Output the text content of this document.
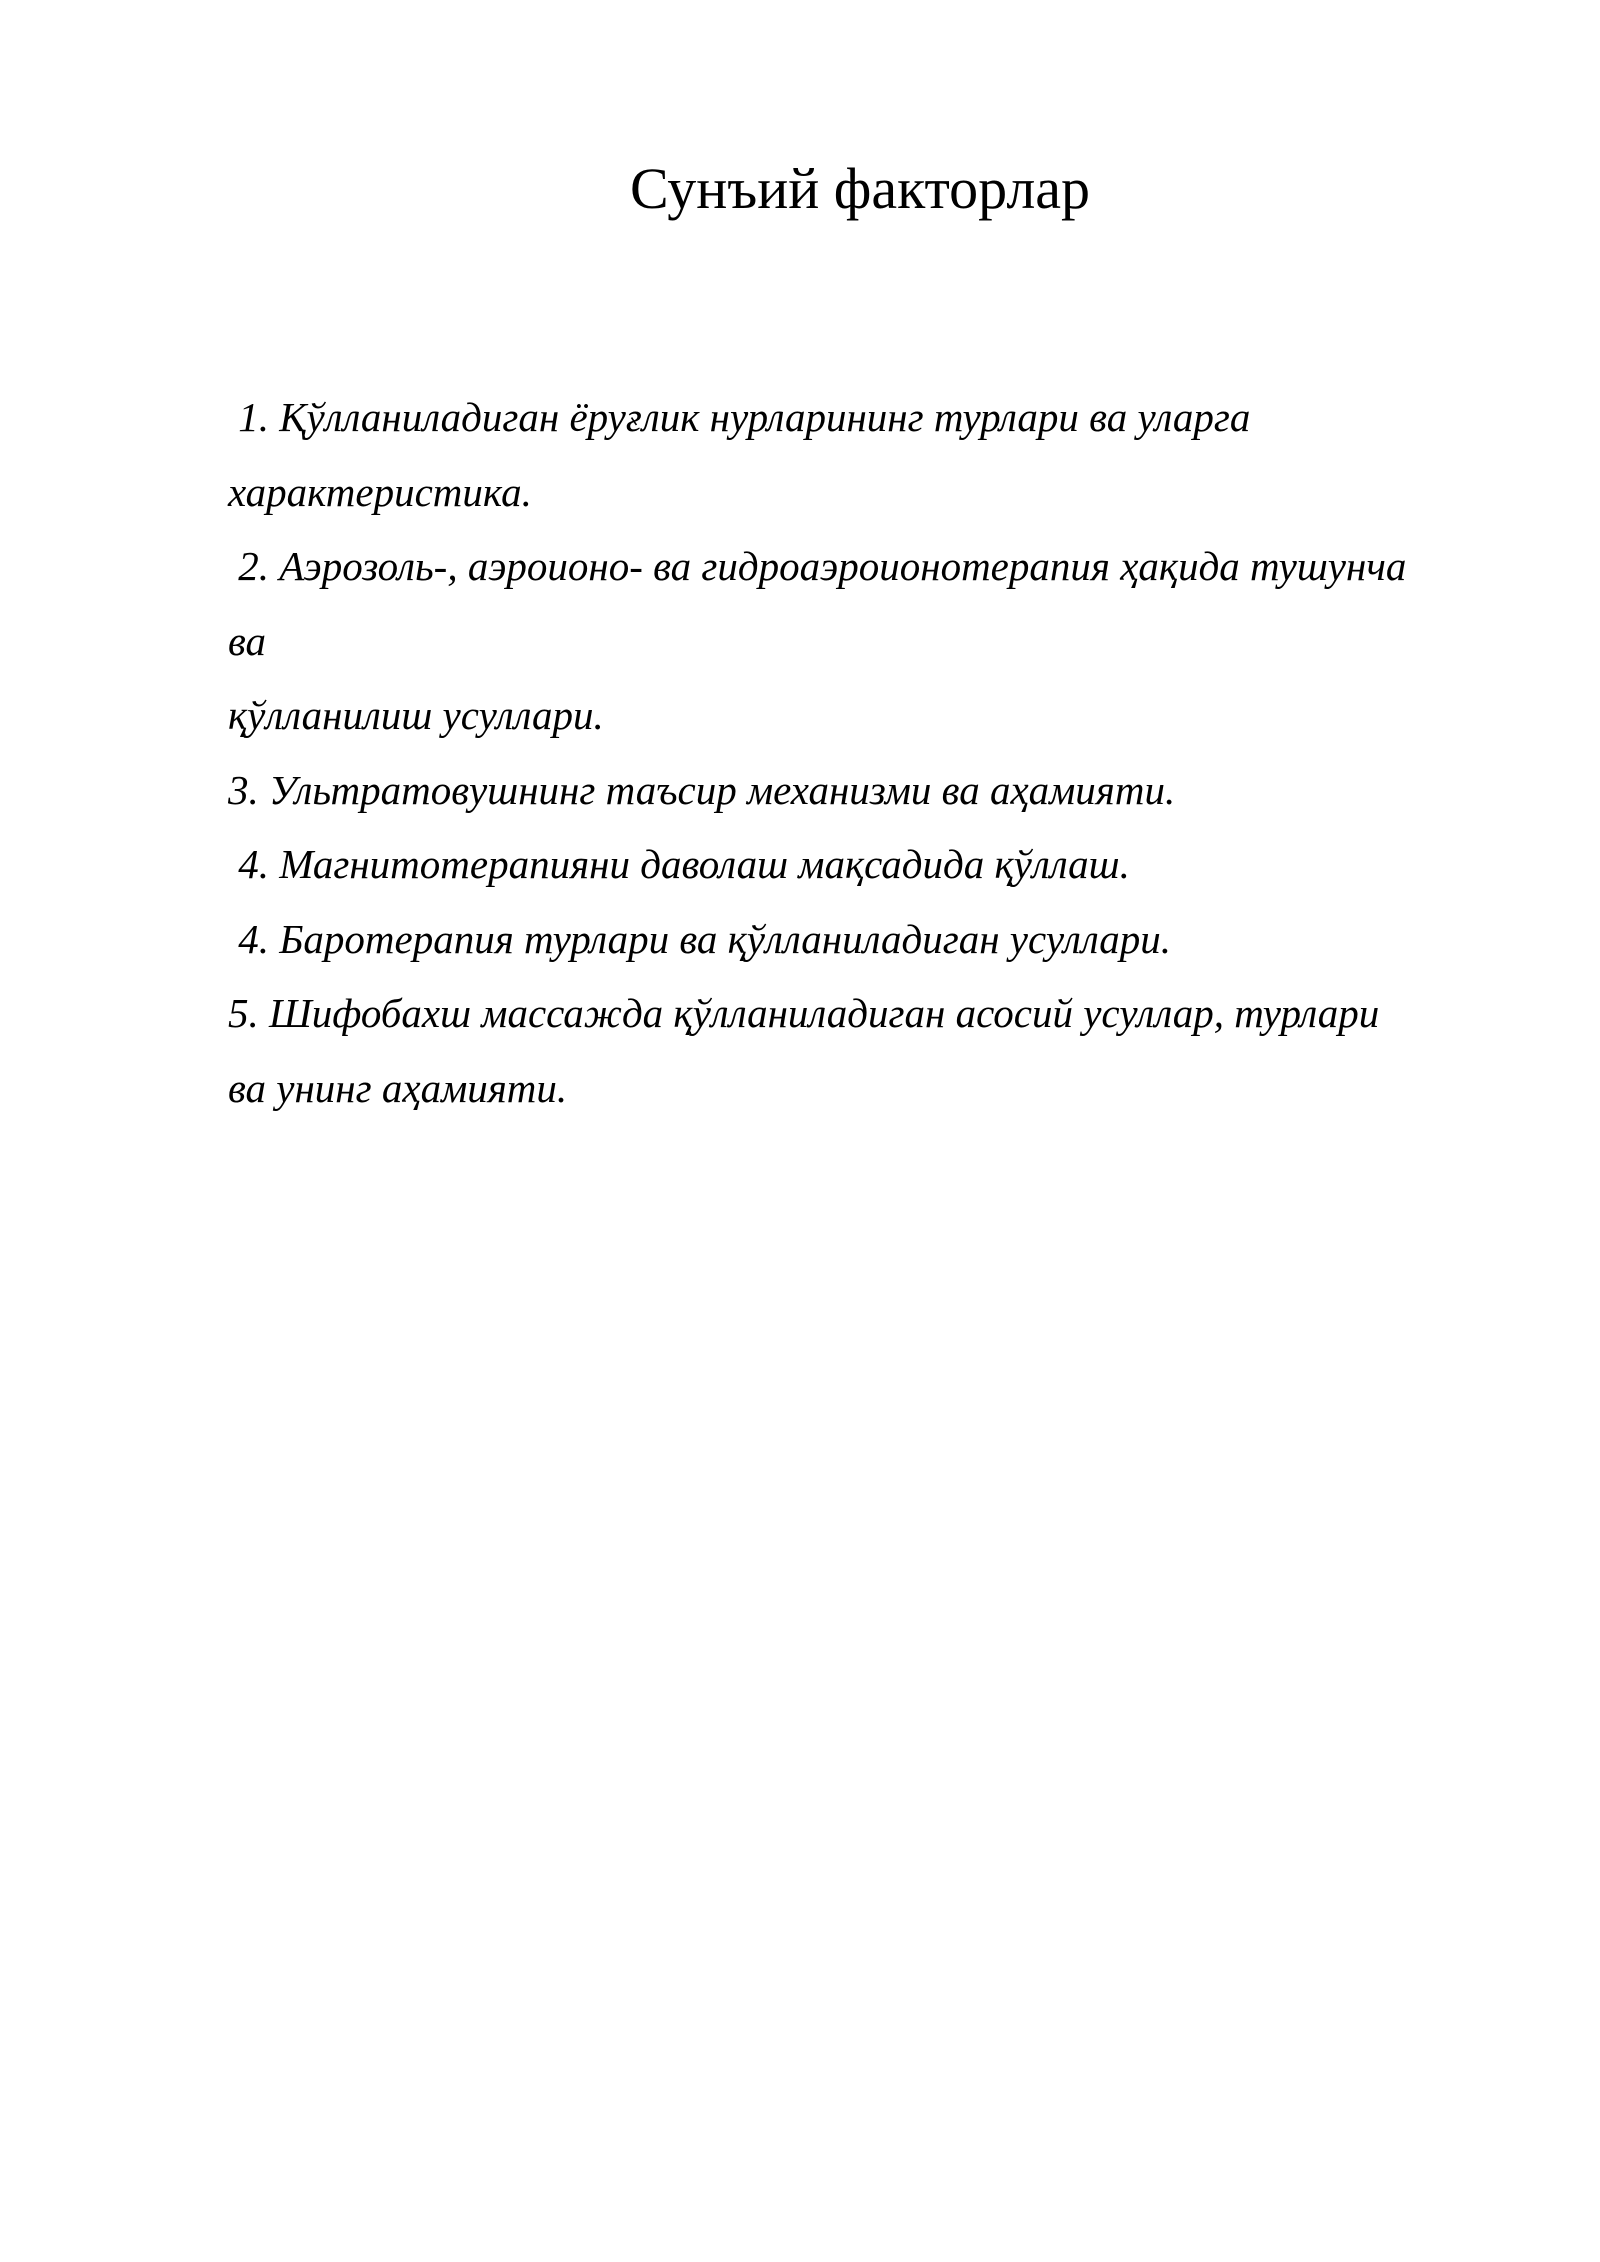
Сунъий факторлар
1. Қўлланиладиган ёруғлик нурларининг турлари ва уларга
характеристика.
2. Аэрозоль-, аэроионо- ва гидроаэроионотерапия ҳақида тушунча
ва
қўлланилиш усуллари.
3. Ультратовушнинг таъсир механизми ва аҳамияти.
4. Магнитотерапияни даволаш мақсадида қўллаш.
4. Баротерапия турлари ва қўлланиладиган усуллари.
5. Шифобахш массажда қўлланиладиган асосий усуллар, турлари
ва унинг аҳамияти.
